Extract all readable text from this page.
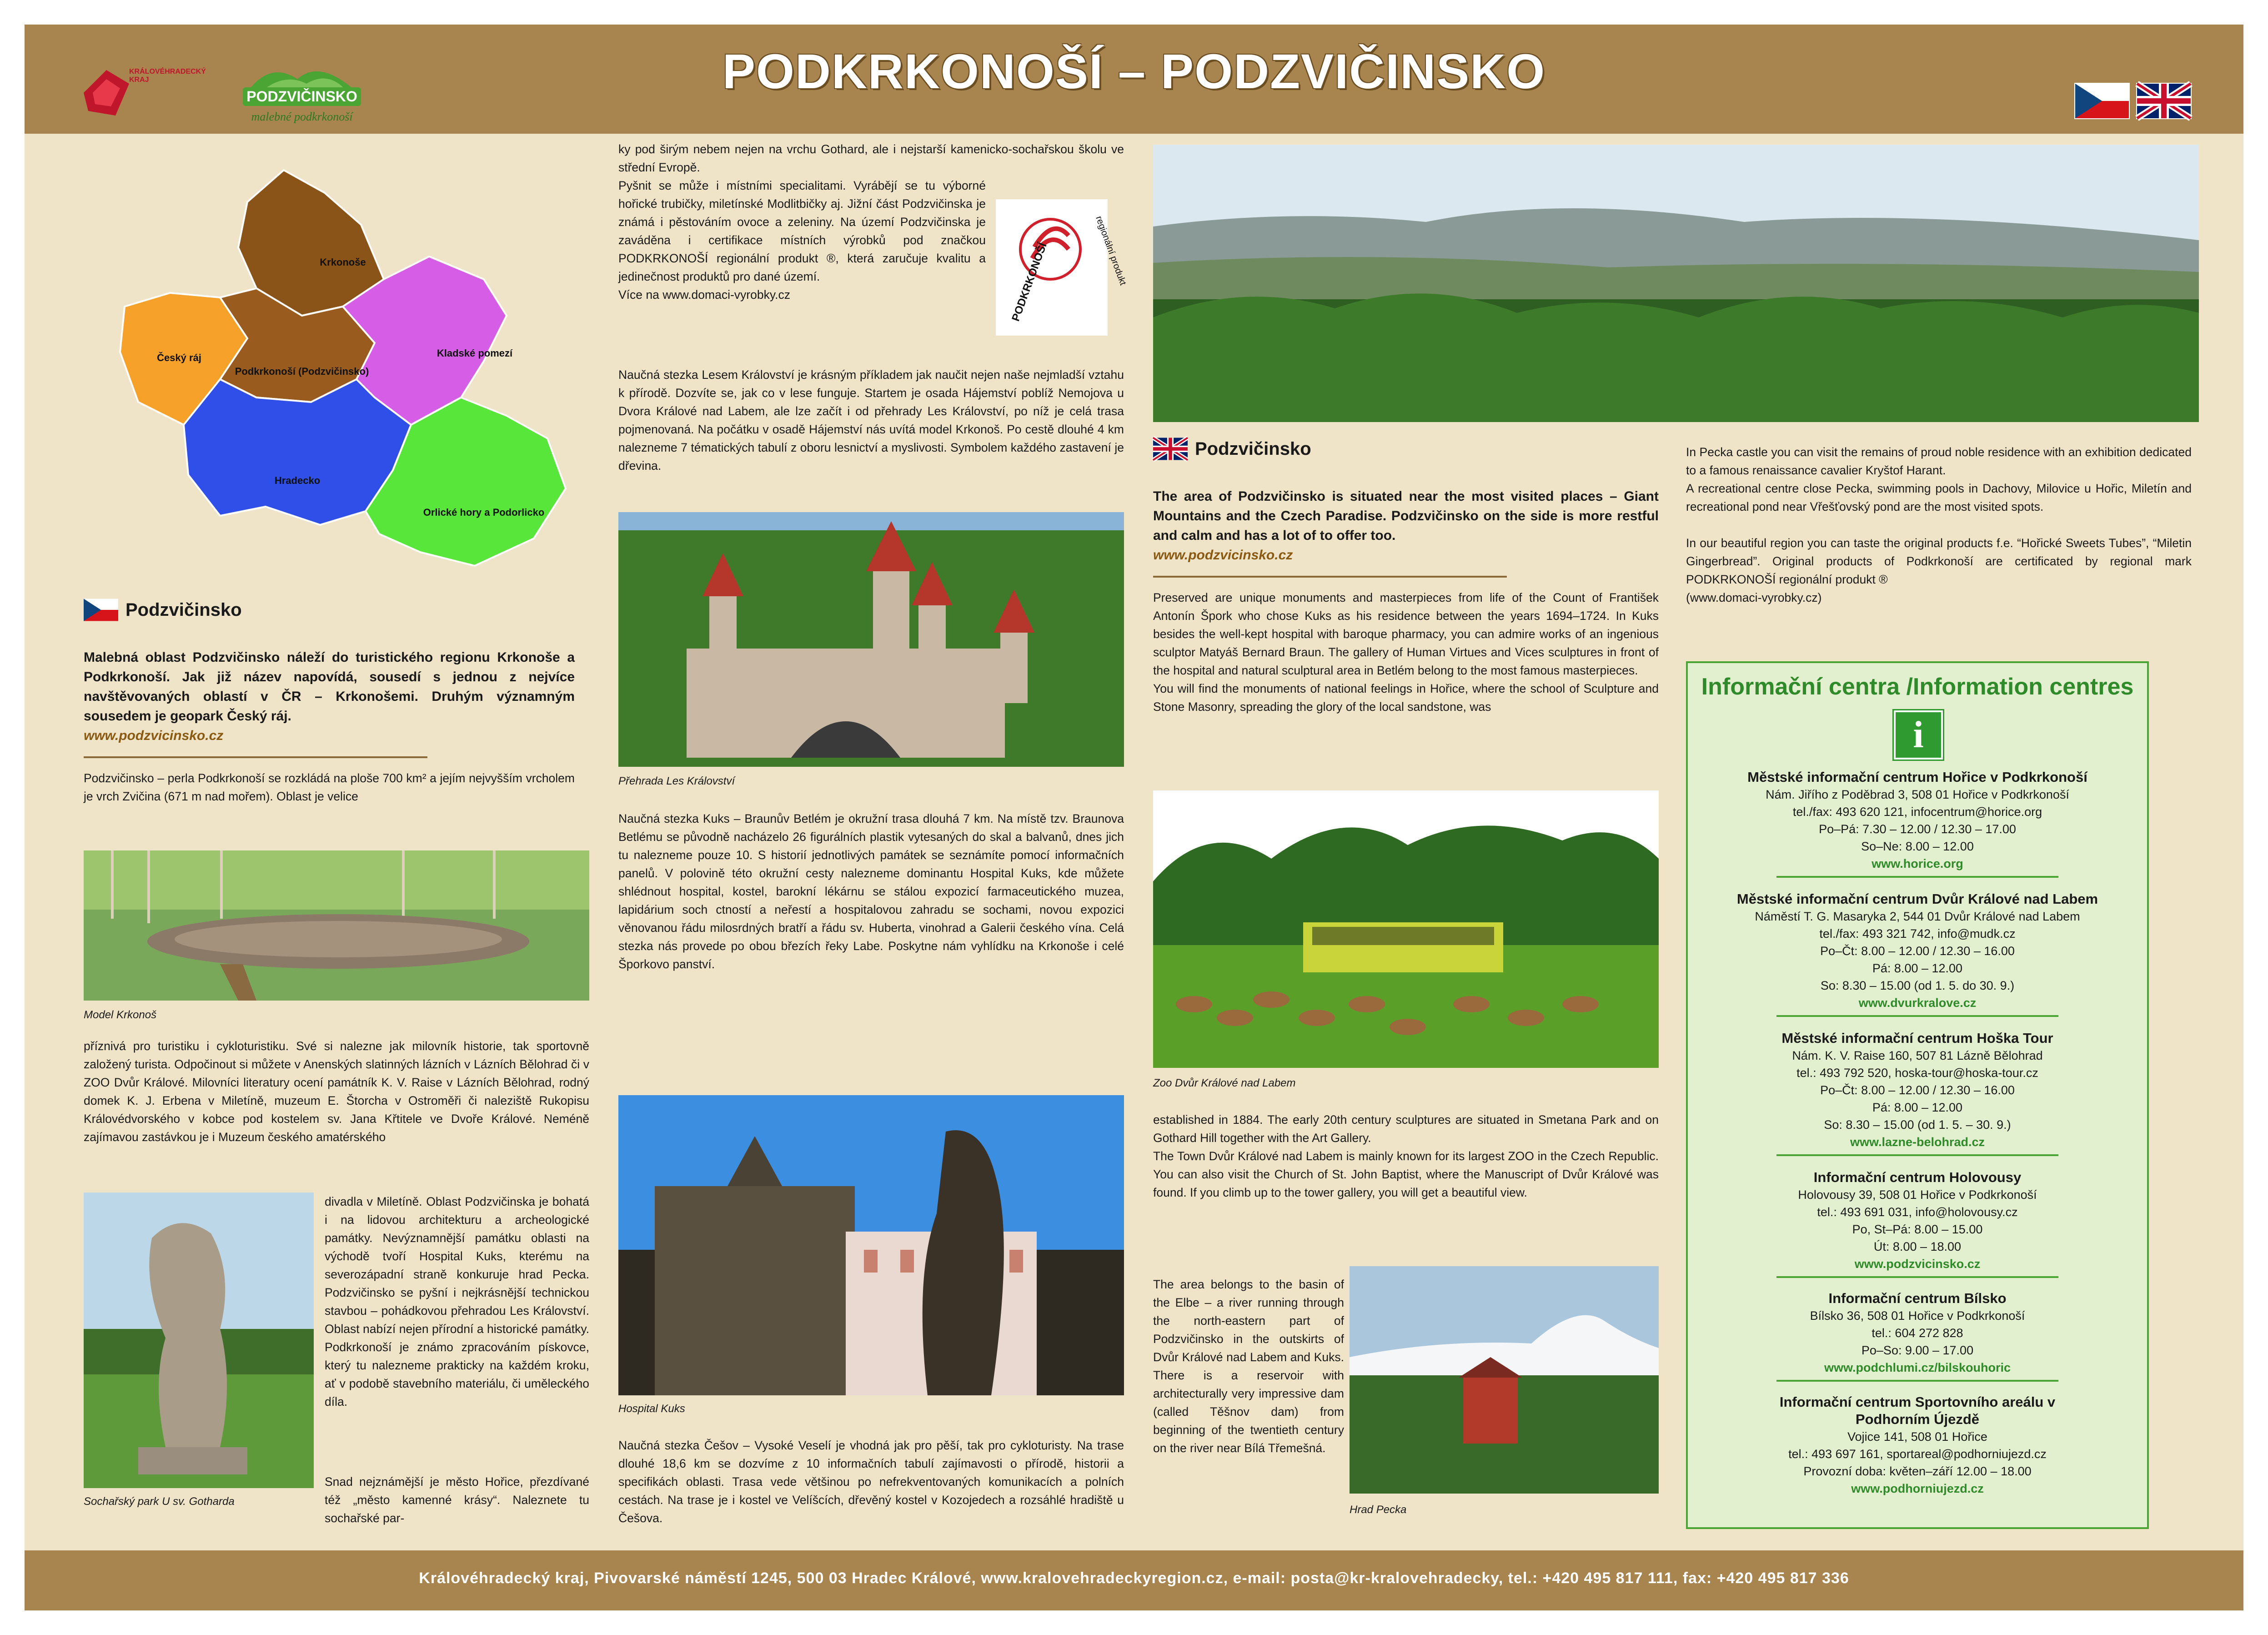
KRÁLOVÉHRADECKÝ KRAJ
PODZVIČINSKO
malebné podkrkonoší
PODKRKONOŠÍ – PODZVIČINSKO
Krkonoše
Český ráj
Podkrkonoší (Podzvičinsko)
Kladské pomezí
Hradecko
Orlické hory a Podorlicko
Podzvičinsko

Malebná oblast Podzvičinsko náleží do turistického regionu Krkonoše a Podkrkonoší. Jak již název napovídá, sousedí s jednou z nejvíce navštěvovaných oblastí v ČR – Krkonošemi. Druhým významným sousedem je geopark Český ráj.

www.podzvicinsko.cz

Podzvičinsko – perla Podkrkonoší se rozkládá na ploše 700 km² a jejím nejvyšším vrcholem je vrch Zvičina (671 m nad mořem). Oblast je velice

Model Krkonoš
příznivá pro turistiku i cykloturistiku. Své si nalezne jak milovník historie, tak sportovně založený turista. Odpočinout si můžete v Anenských slatinných lázních v Lázních Bělohrad či v ZOO Dvůr Králové. Milovníci literatury ocení památník K. V. Raise v Lázních Bělohrad, rodný domek K. J. Erbena v Miletíně, muzeum E. Štorcha v Ostroměři či naleziště Rukopisu Královédvorského v kobce pod kostelem sv. Jana Křtitele ve Dvoře Králové. Neméně zajímavou zastávkou je i Muzeum českého amatérského
Sochařský park U sv. Gotharda
divadla v Miletíně. Oblast Podzvičinska je bohatá i na lidovou architekturu a archeologické památky. Nevýznamnější památku oblasti na východě tvoří Hospital Kuks, kterému na severozápadní straně konkuruje hrad Pecka. Podzvičinsko se pyšní i nejkrásnější technickou stavbou – pohádkovou přehradou Les Království. Oblast nabízí nejen přírodní a historické památky. Podkrkonoší je známo zpracováním pískovce, který tu nalezneme prakticky na každém kroku, ať v podobě stavebního materiálu, či uměleckého díla.
Snad nejznámější je město Hořice, přezdívané též „město kamenné krásy“. Naleznete tu sochařské par-
ky pod širým nebem nejen na vrchu Gothard, ale i nejstarší kamenicko-sochařskou školu ve střední Evropě.

Pyšnit se může i místními specialitami. Vyrábějí se tu výborné hořické trubičky, miletínské Modlitbičky aj. Jižní část Podzvičinska je známá i pěstováním ovoce a zeleniny. Na území Podzvičinska je zaváděna i certifikace místních výrobků pod značkou PODKRKONOŠÍ regionální produkt ®, která zaručuje kvalitu a jedinečnost produktů pro dané území.

Více na www.domaci-vyrobky.cz	PODKRKONOŠÍ	regionální produkt
Naučná stezka Lesem Království je krásným příkladem jak naučit nejen naše nejmladší vztahu k přírodě. Dozvíte se, jak co v lese funguje. Startem je osada Hájemství poblíž Nemojova u Dvora Králové nad Labem, ale lze začít i od přehrady Les Království, po níž je celá trasa pojmenovaná. Na počátku v osadě Hájemství nás uvítá model Krkonoš. Po cestě dlouhé 4 km nalezneme 7 tématických tabulí z oboru lesnictví a myslivosti. Symbolem každého zastavení je dřevina.
Přehrada Les Království
Naučná stezka Kuks – Braunův Betlém je okružní trasa dlouhá 7 km. Na místě tzv. Braunova Betlému se původně nacházelo 26 figurálních plastik vytesaných do skal a balvanů, dnes jich tu nalezneme pouze 10. S historií jednotlivých památek se seznámíte pomocí informačních panelů. V polovině této okružní cesty nalezneme dominantu Hospital Kuks, kde můžete shlédnout hospital, kostel, barokní lékárnu se stálou expozicí farmaceutického muzea, lapidárium soch ctností a neřestí a hospitalovou zahradu se sochami, novou expozici věnovanou řádu milosrdných bratří a řádu sv. Huberta, vinohrad a Galerii českého vína. Celá stezka nás provede po obou březích řeky Labe. Poskytne nám vyhlídku na Krkonoše i celé Šporkovo panství.
Hospital Kuks
Naučná stezka Češov – Vysoké Veselí je vhodná jak pro pěší, tak pro cykloturisty. Na trase dlouhé 18,6 km se dozvíme z 10 informačních tabulí zajímavosti o přírodě, historii a specifikách oblasti. Trasa vede většinou po nefrekventovaných komunikacích a polních cestách. Na trase je i kostel ve Velíšcích, dřevěný kostel v Kozojedech a rozsáhlé hradiště u Češova.
Podzvičinsko

The area of Podzvičinsko is situated near the most visited places – Giant Mountains and the Czech Paradise. Podzvičinsko on the side is more restful and calm and has a lot of to offer too.

www.podzvicinsko.cz

Preserved are unique monuments and masterpieces from life of the Count of František Antonín Špork who chose Kuks as his residence between the years 1694–1724. In Kuks besides the well-kept hospital with baroque pharmacy, you can admire works of an ingenious sculptor Matyáš Bernard Braun. The gallery of Human Virtues and Vices sculptures in front of the hospital and natural sculptural area in Betlém belong to the most famous masterpieces.

You will find the monuments of national feelings in Hořice, where the school of Sculpture and Stone Masonry, spreading the glory of the local sandstone, was

Zoo Dvůr Králové nad Labem

established in 1884. The early 20th century sculptures are situated in Smetana Park and on Gothard Hill together with the Art Gallery.

The Town Dvůr Králové nad Labem is mainly known for its largest ZOO in the Czech Republic. You can also visit the Church of St. John Baptist, where the Manuscript of Dvůr Králové was found. If you climb up to the tower gallery, you will get a beautiful view.

The area belongs to the basin of the Elbe – a river running through the north-eastern part of Podzvičinsko in the outskirts of Dvůr Králové nad Labem and Kuks. There is a reservoir with architecturally very impressive dam (called Těšnov dam) from beginning of the twentieth century on the river near Bílá Třemešná.
Hrad Pecka

In Pecka castle you can visit the remains of proud noble residence with an exhibition dedicated to a famous renaissance cavalier Kryštof Harant.

A recreational centre close Pecka, swimming pools in Dachovy, Milovice u Hořic, Miletín and recreational pond near Vřešťovský pond are the most visited spots.

In our beautiful region you can taste the original products f.e. “Hořické Sweets Tubes”, “Miletin Gingerbread”. Original products of Podkrkonoší are certificated by regional mark PODKRKONOŠÍ regionální produkt ®

(www.domaci-vyrobky.cz)

Informační centra /Information centres
i
Městské informační centrum Hořice v Podkrkonoší
Nám. Jiřího z Poděbrad 3, 508 01 Hořice v Podkrkonoší
tel./fax: 493 620 121, infocentrum@horice.org
Po–Pá: 7.30 – 12.00 / 12.30 – 17.00
So–Ne: 8.00 – 12.00
www.horice.org
Městské informační centrum Dvůr Králové nad Labem
Náměstí T. G. Masaryka 2, 544 01 Dvůr Králové nad Labem
tel./fax: 493 321 742, info@mudk.cz
Po–Čt: 8.00 – 12.00 / 12.30 – 16.00
Pá: 8.00 – 12.00
So: 8.30 – 15.00 (od 1. 5. do 30. 9.)
www.dvurkralove.cz
Městské informační centrum Hoška Tour
Nám. K. V. Raise 160, 507 81 Lázně Bělohrad
tel.: 493 792 520, hoska-tour@hoska-tour.cz
Po–Čt: 8.00 – 12.00 / 12.30 – 16.00
Pá: 8.00 – 12.00
So: 8.30 – 15.00 (od 1. 5. – 30. 9.)
www.lazne-belohrad.cz
Informační centrum Holovousy
Holovousy 39, 508 01 Hořice v Podkrkonoší
tel.: 493 691 031, info@holovousy.cz
Po, St–Pá: 8.00 – 15.00
Út: 8.00 – 18.00
www.podzvicinsko.cz
Informační centrum Bílsko
Bílsko 36, 508 01 Hořice v Podkrkonoší
tel.: 604 272 828
Po–So: 9.00 – 17.00
www.podchlumi.cz/bilskouhoric
Informační centrum Sportovního areálu v Podhorním Újezdě
Vojice 141, 508 01 Hořice
tel.: 493 697 161, sportareal@podhorniujezd.cz
Provozní doba: květen–září 12.00 – 18.00
www.podhorniujezd.cz
Královéhradecký kraj, Pivovarské náměstí 1245, 500 03 Hradec Králové, www.kralovehradeckyregion.cz, e-mail: posta@kr-kralovehradecky, tel.: +420 495 817 111, fax: +420 495 817 336
